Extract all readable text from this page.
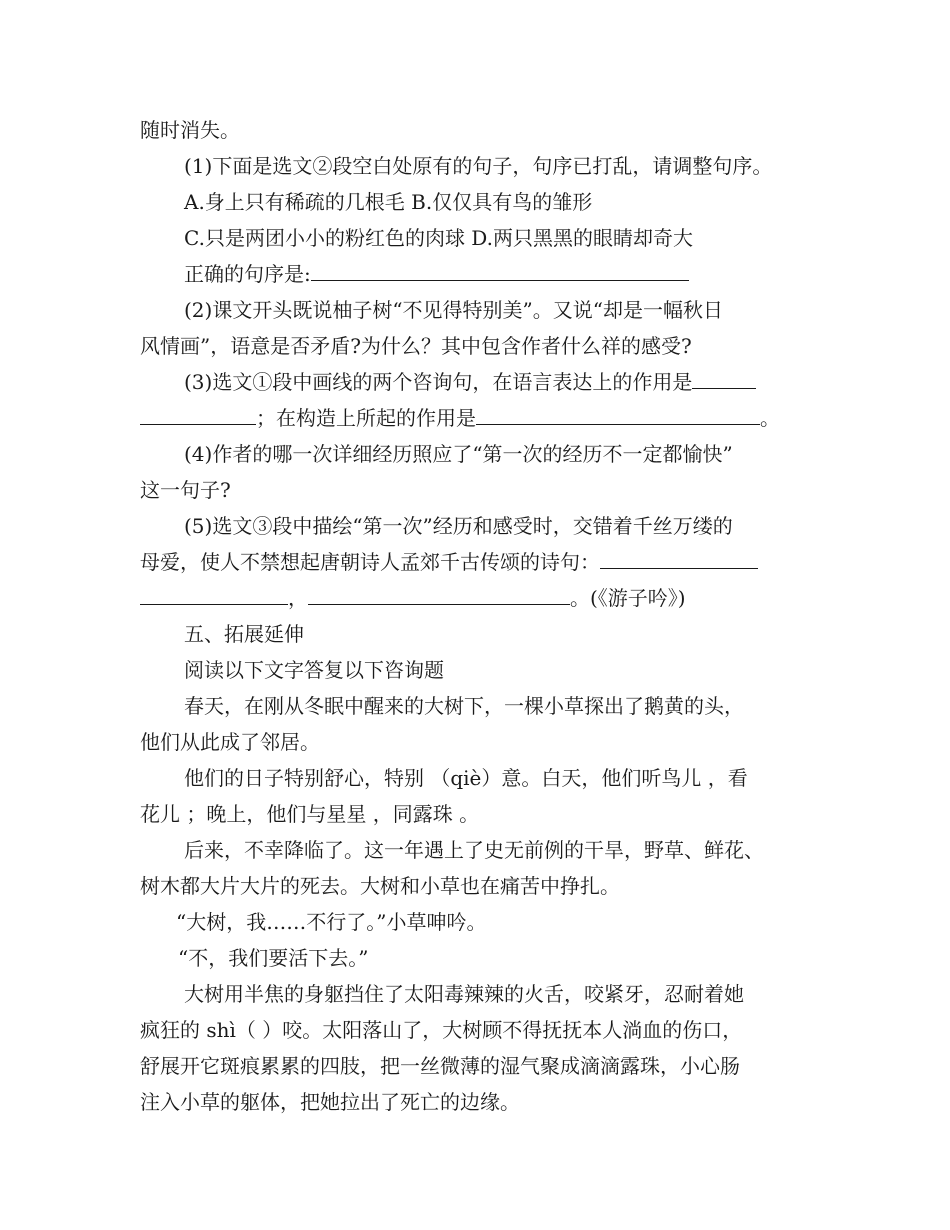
随时消失。
(1)下面是选文②段空白处原有的句子，句序已打乱，请调整句序。
A.身上只有稀疏的几根毛 B.仅仅具有鸟的雏形
C.只是两团小小的粉红色的肉球 D.两只黑黑的眼睛却奇大
正确的句序是:
(2)课文开头既说柚子树“不见得特别美”。又说“却是一幅秋日
风情画”，语意是否矛盾?为什么？其中包含作者什么祥的感受?
(3)选文①段中画线的两个咨询句，在语言表达上的作用是
；在构造上所起的作用是	。
(4)作者的哪一次详细经历照应了“第一次的经历不一定都愉快”
这一句子?
(5)选文③段中描绘“第一次”经历和感受时，交错着千丝万缕的
母爱，使人不禁想起唐朝诗人孟郊千古传颂的诗句：
，	。(《游子吟》)
五、拓展延伸
阅读以下文字答复以下咨询题
春天，在刚从冬眠中醒来的大树下，一棵小草探出了鹅黄的头，
他们从此成了邻居。
他们的日子特别舒心，特别 （qiè）意。白天，他们听鸟儿 ，看
花儿 ；晚上，他们与星星 ，同露珠 。
后来，不幸降临了。这一年遇上了史无前例的干旱，野草、鲜花、
树木都大片大片的死去。大树和小草也在痛苦中挣扎。
“大树，我……不行了。”小草呻吟。
“不，我们要活下去。”
大树用半焦的身躯挡住了太阳毒辣辣的火舌，咬紧牙，忍耐着她
疯狂的 shì（ ）咬。太阳落山了，大树顾不得抚抚本人淌血的伤口，
舒展开它斑痕累累的四肢，把一丝微薄的湿气聚成滴滴露珠，小心肠
注入小草的躯体，把她拉出了死亡的边缘。
